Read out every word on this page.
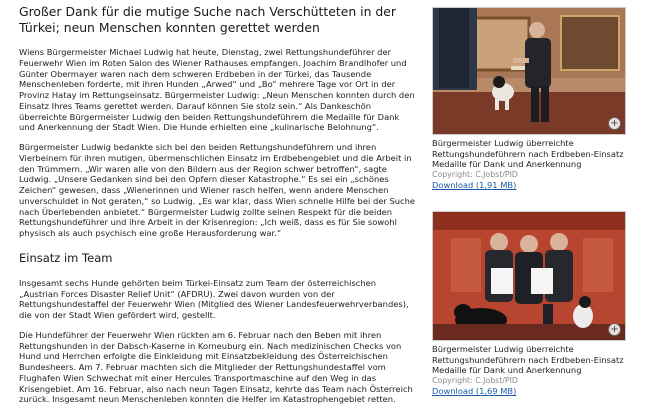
Großer Dank für die mutige Suche nach Verschütteten in der Türkei; neun Menschen konnten gerettet werden

Wiens Bürgermeister Michael Ludwig hat heute, Dienstag, zwei Rettungshundeführer der Feuerwehr Wien im Roten Salon des Wiener Rathauses empfangen. Joachim Brandlhofer und Günter Obermayer waren nach dem schweren Erdbeben in der Türkei, das Tausende Menschenleben forderte, mit ihren Hunden „Arwed“ und „Bo“ mehrere Tage vor Ort in der Provinz Hatay im Rettungseinsatz. Bürgermeister Ludwig: „Neun Menschen konnten durch den Einsatz Ihres Teams gerettet werden. Darauf können Sie stolz sein.“ Als Dankeschön überreichte Bürgermeister Ludwig den beiden Rettungshundeführern die Medaille für Dank und Anerkennung der Stadt Wien. Die Hunde erhielten eine „kulinarische Belohnung“.

Bürgermeister Ludwig bedankte sich bei den beiden Rettungshundeführern und ihren Vierbeinern für ihren mutigen, übermenschlichen Einsatz im Erdbebengebiet und die Arbeit in den Trümmern. „Wir waren alle von den Bildern aus der Region schwer betroffen“, sagte Ludwig. „Unsere Gedanken sind bei den Opfern dieser Katastrophe.“ Es sei ein „schönes Zeichen“ gewesen, dass „Wienerinnen und Wiener rasch helfen, wenn andere Menschen unverschuldet in Not geraten,“ so Ludwig. „Es war klar, dass Wien schnelle Hilfe bei der Suche nach Überlebenden anbietet.“ Bürgermeister Ludwig zollte seinen Respekt für die beiden Rettungshundeführer und ihre Arbeit in der Krisenregion: „Ich weiß, dass es für Sie sowohl physisch als auch psychisch eine große Herausforderung war.“

Einsatz im Team

Insgesamt sechs Hunde gehörten beim Türkei-Einsatz zum Team der österreichischen „Austrian Forces Disaster Relief Unit“ (AFDRU). Zwei davon wurden von der Rettungshundestaffel der Feuerwehr Wien (Mitglied des Wiener Landesfeuerwehrverbandes), die von der Stadt Wien gefördert wird, gestellt.

Die Hundeführer der Feuerwehr Wien rückten am 6. Februar nach den Beben mit ihren Rettungshunden in der Dabsch-Kaserne in Korneuburg ein. Nach medizinischen Checks von Hund und Herrchen erfolgte die Einkleidung mit Einsatzbekleidung des Österreichischen Bundesheers. Am 7. Februar machten sich die Mitglieder der Rettungshundestaffel vom Flughafen Wien Schwechat mit einer Hercules Transportmaschine auf den Weg in das Krisengebiet. Am 16. Februar, also nach neun Tagen Einsatz, kehrte das Team nach Österreich zurück. Insgesamt neun Menschenleben konnten die Helfer im Katastrophengebiet retten.

+
Bürgermeister Ludwig überreichte Rettungshundeführern nach Erdbeben-Einsatz Medaille für Dank und Anerkennung
Copyright: C.Jobst/PID
Download (1,91 MB)
+
Bürgermeister Ludwig überreichte Rettungshundeführern nach Erdbeben-Einsatz Medaille für Dank und Anerkennung
Copyright: C.Jobst/PID
Download (1,69 MB)
